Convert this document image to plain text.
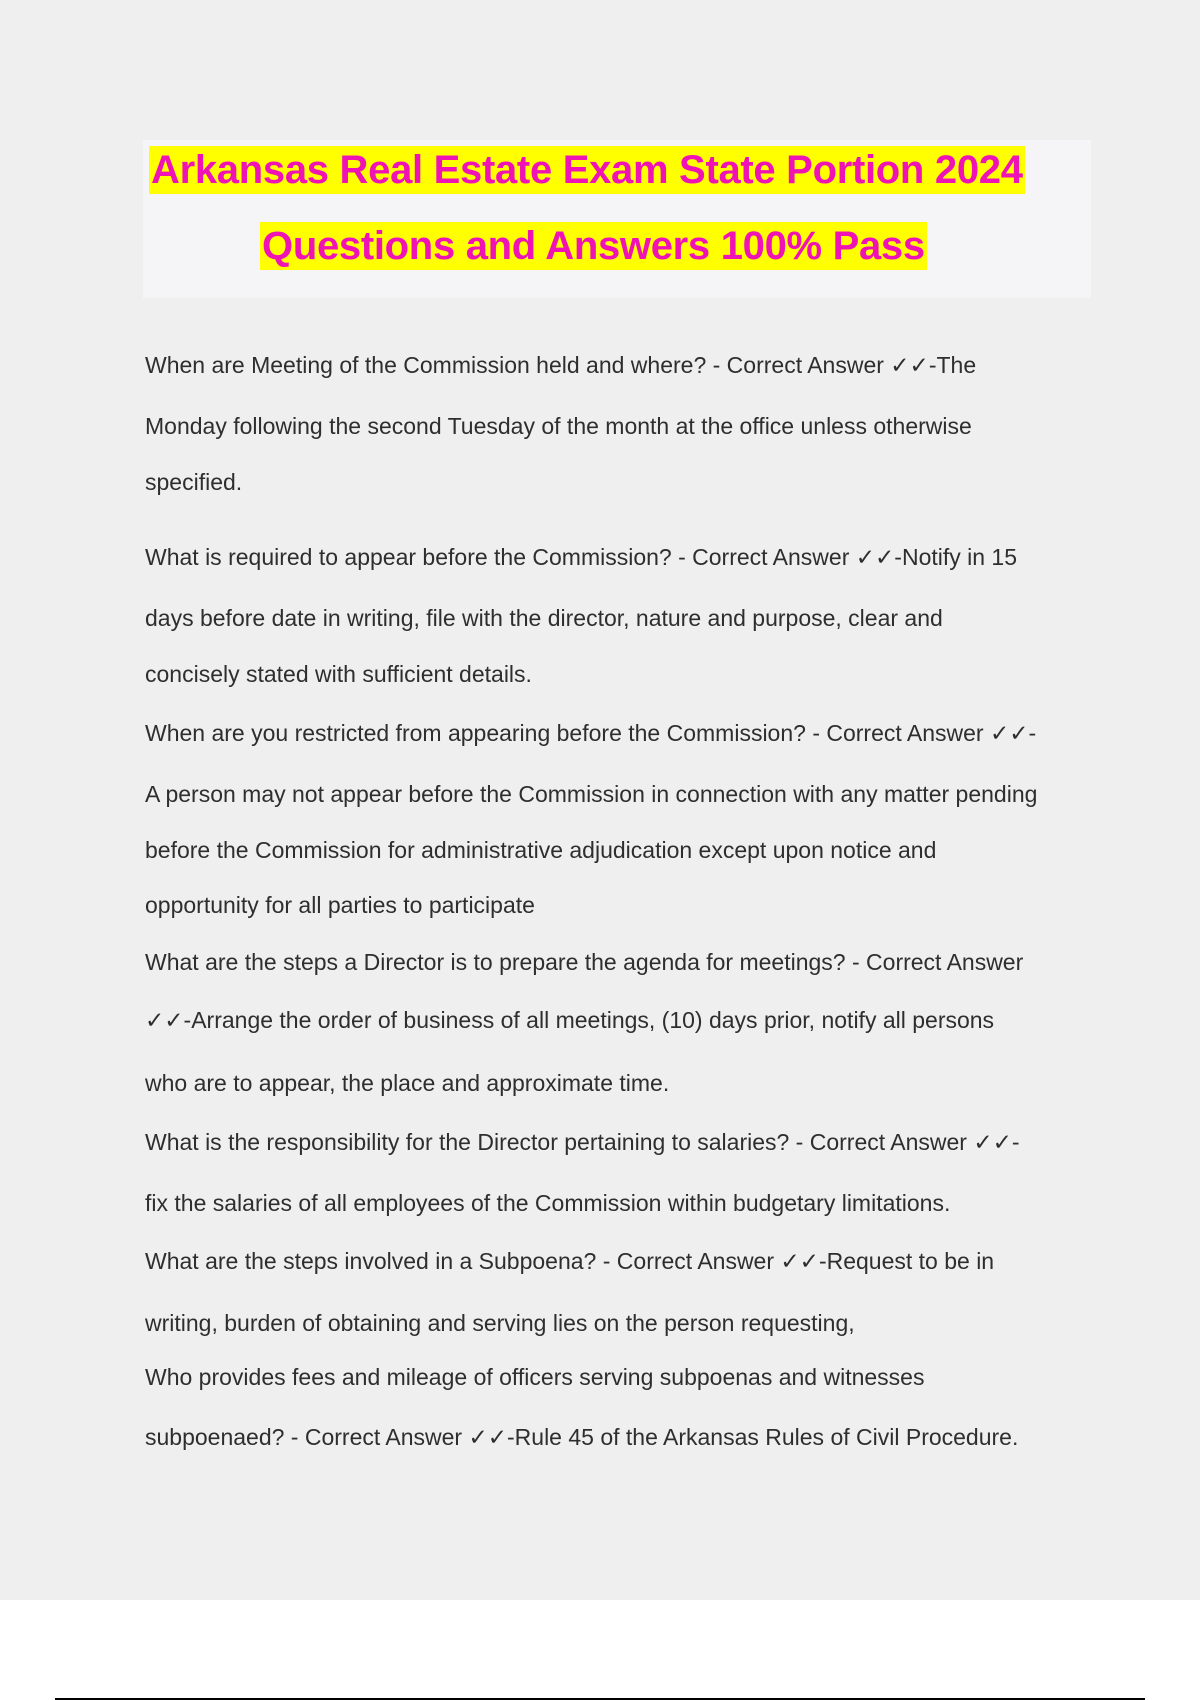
Arkansas Real Estate Exam State Portion 2024
Questions and Answers 100% Pass
When are Meeting of the Commission held and where? - Correct Answer ✓✓-The
Monday following the second Tuesday of the month at the office unless otherwise
specified.
What is required to appear before the Commission? - Correct Answer ✓✓-Notify in 15
days before date in writing, file with the director, nature and purpose, clear and
concisely stated with sufficient details.
When are you restricted from appearing before the Commission? - Correct Answer ✓✓-
A person may not appear before the Commission in connection with any matter pending
before the Commission for administrative adjudication except upon notice and
opportunity for all parties to participate
What are the steps a Director is to prepare the agenda for meetings? - Correct Answer
✓✓-Arrange the order of business of all meetings, (10) days prior, notify all persons
who are to appear, the place and approximate time.
What is the responsibility for the Director pertaining to salaries? - Correct Answer ✓✓-
fix the salaries of all employees of the Commission within budgetary limitations.
What are the steps involved in a Subpoena? - Correct Answer ✓✓-Request to be in
writing, burden of obtaining and serving lies on the person requesting,
Who provides fees and mileage of officers serving subpoenas and witnesses
subpoenaed? - Correct Answer ✓✓-Rule 45 of the Arkansas Rules of Civil Procedure.
